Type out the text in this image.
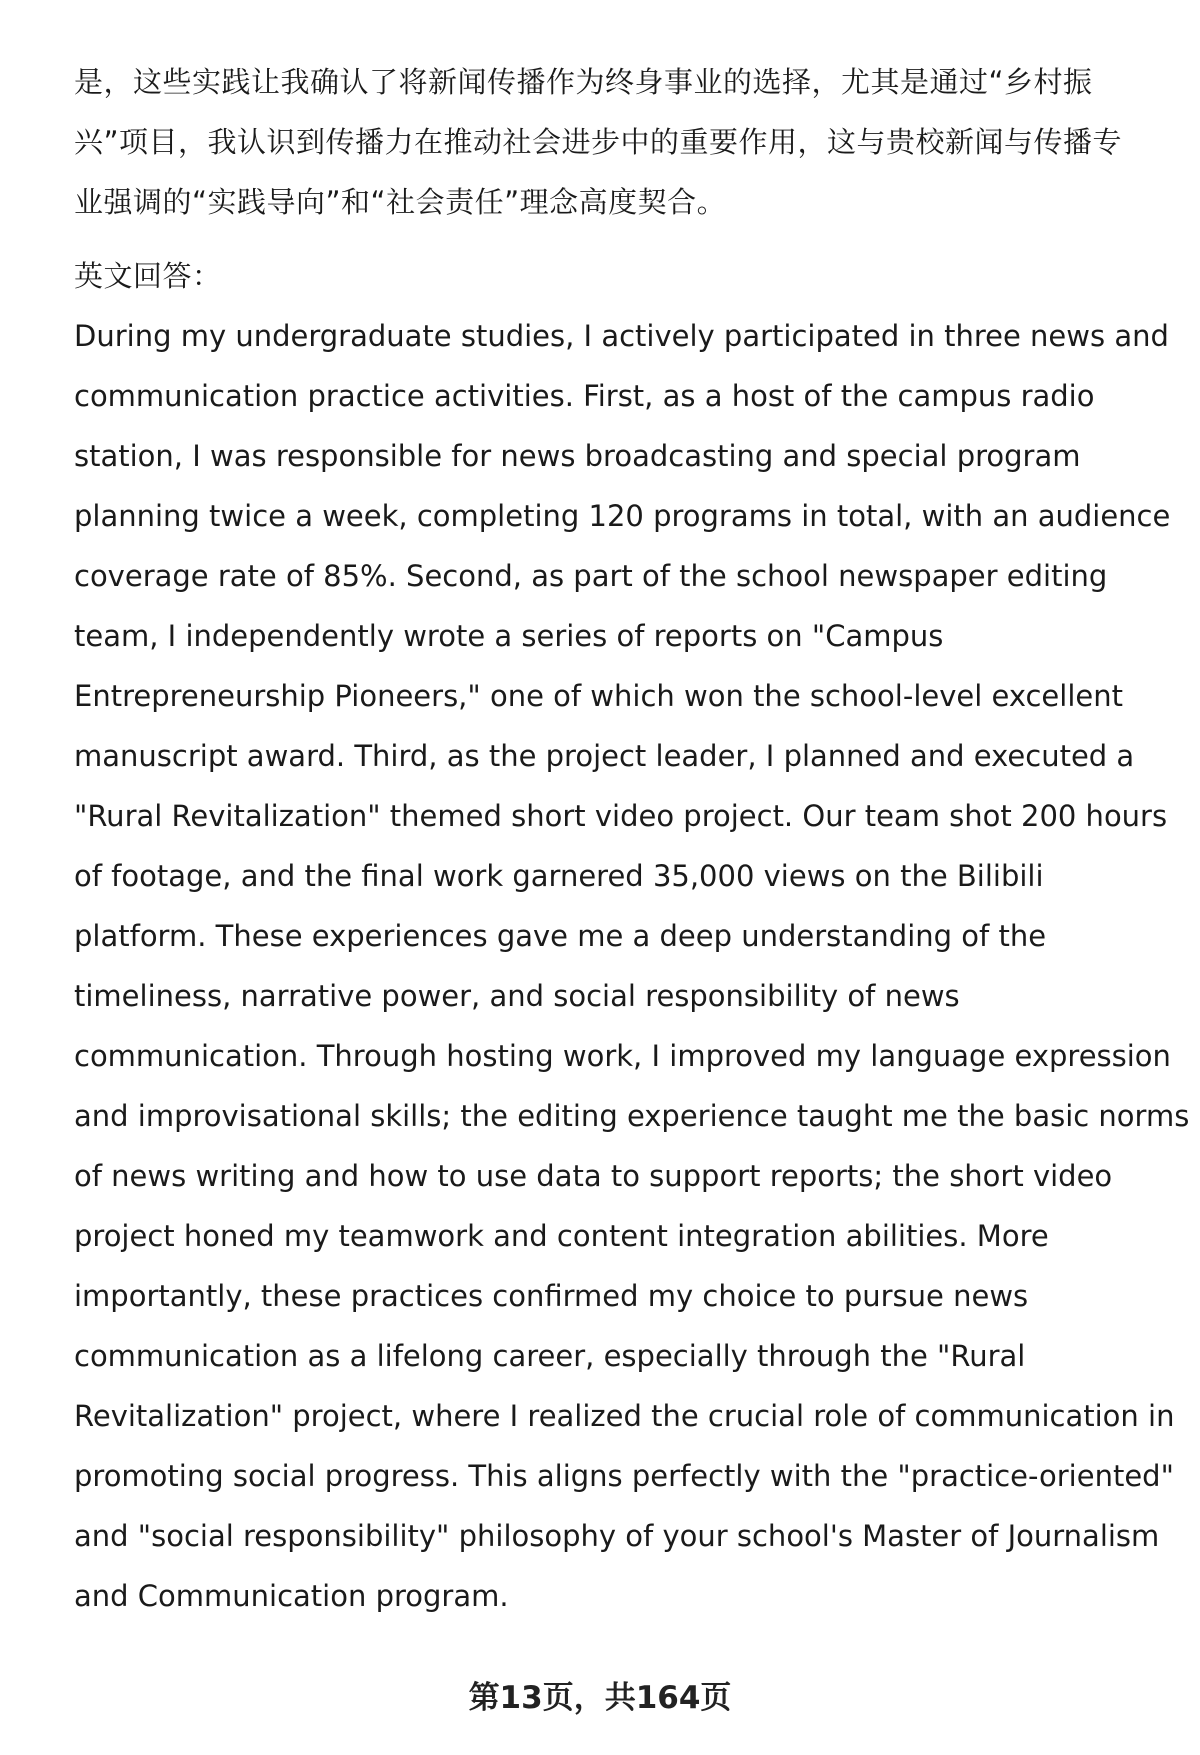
是，这些实践让我确认了将新闻传播作为终身事业的选择，尤其是通过“乡村振
兴”项目，我认识到传播力在推动社会进步中的重要作用，这与贵校新闻与传播专
业强调的“实践导向”和“社会责任”理念高度契合。
英文回答：
During my undergraduate studies, I actively participated in three news and
communication practice activities. First, as a host of the campus radio
station, I was responsible for news broadcasting and special program
planning twice a week, completing 120 programs in total, with an audience
coverage rate of 85%. Second, as part of the school newspaper editing
team, I independently wrote a series of reports on "Campus
Entrepreneurship Pioneers," one of which won the school-level excellent
manuscript award. Third, as the project leader, I planned and executed a
"Rural Revitalization" themed short video project. Our team shot 200 hours
of footage, and the final work garnered 35,000 views on the Bilibili
platform. These experiences gave me a deep understanding of the
timeliness, narrative power, and social responsibility of news
communication. Through hosting work, I improved my language expression
and improvisational skills; the editing experience taught me the basic norms
of news writing and how to use data to support reports; the short video
project honed my teamwork and content integration abilities. More
importantly, these practices confirmed my choice to pursue news
communication as a lifelong career, especially through the "Rural
Revitalization" project, where I realized the crucial role of communication in
promoting social progress. This aligns perfectly with the "practice-oriented"
and "social responsibility" philosophy of your school's Master of Journalism
and Communication program.
第13页，共164页
